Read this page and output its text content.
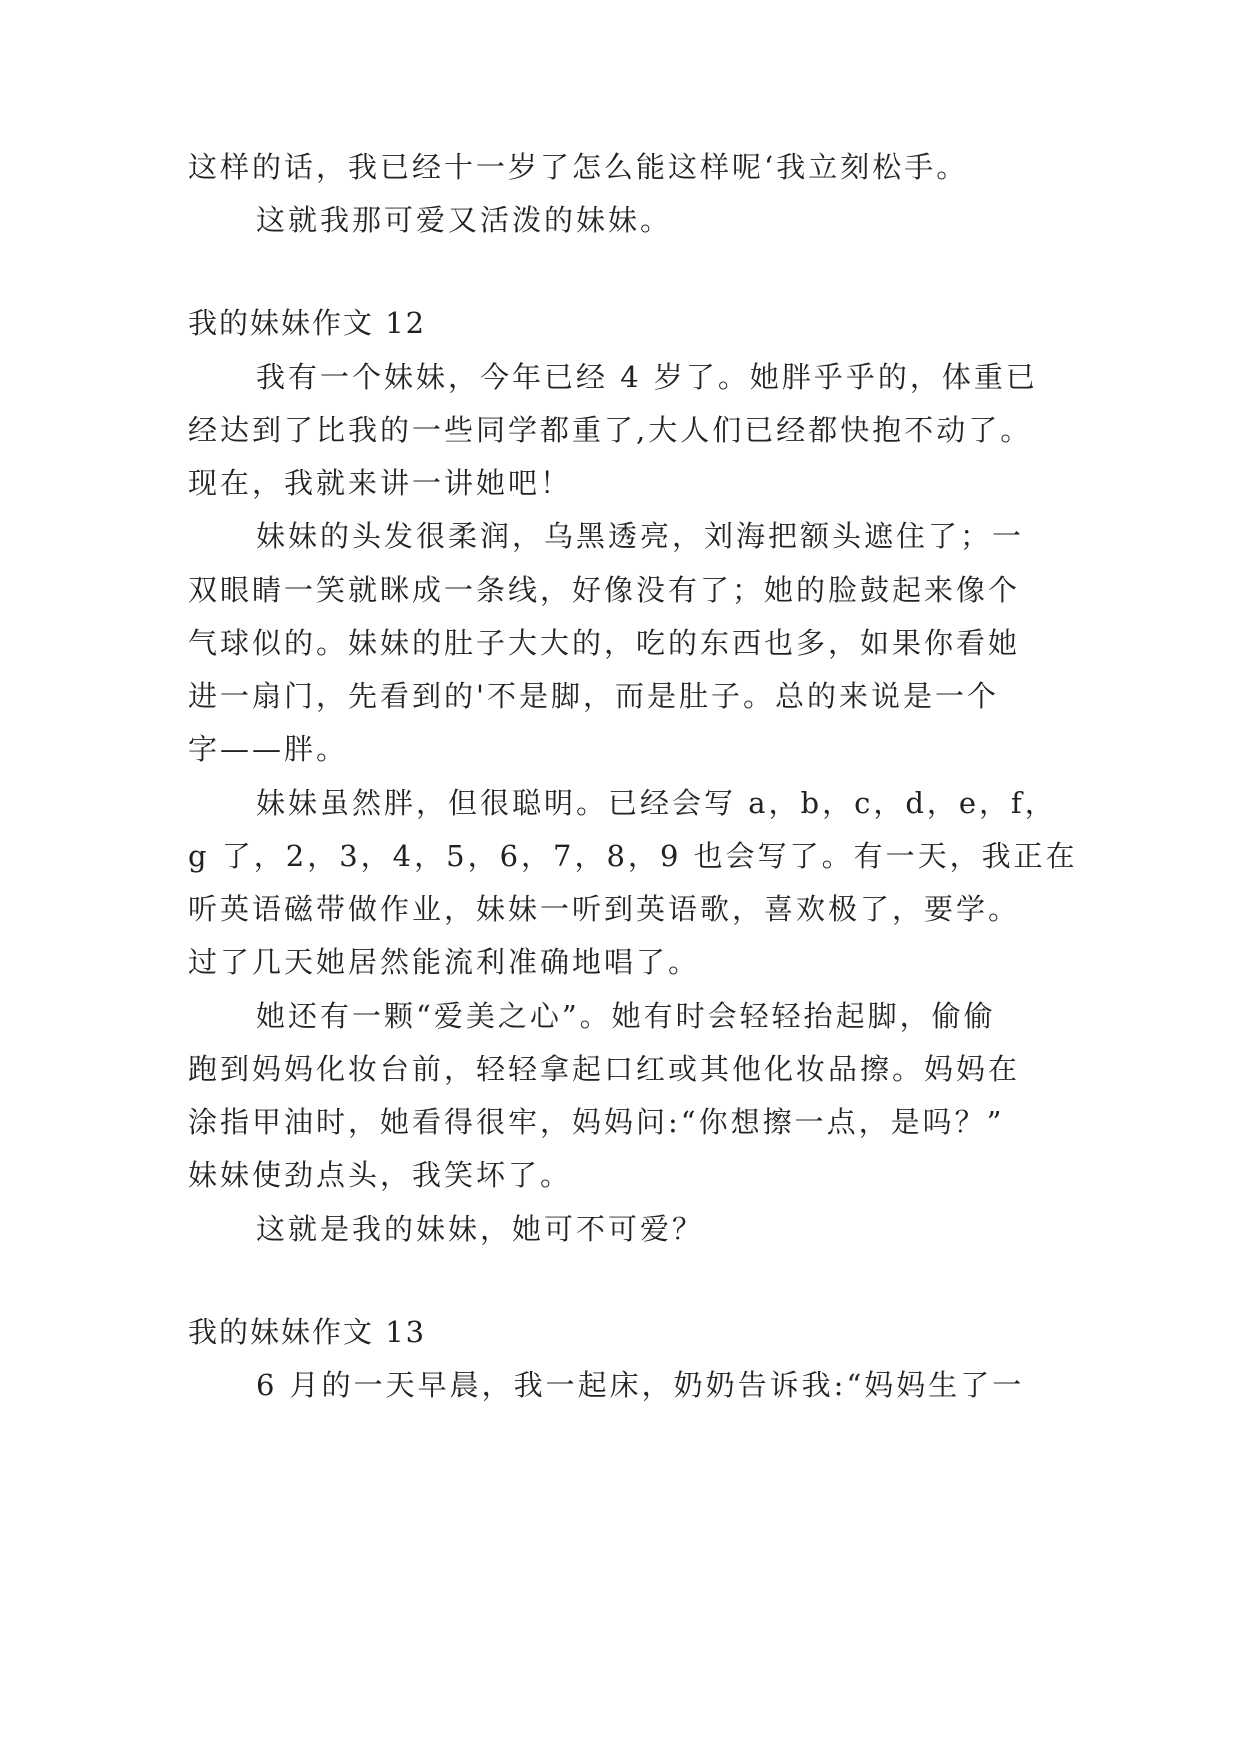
这样的话，我已经十一岁了怎么能这样呢‘我立刻松手。
这就我那可爱又活泼的妹妹。
我的妹妹作文 12
我有一个妹妹，今年已经 4 岁了。她胖乎乎的，体重已
经达到了比我的一些同学都重了,大人们已经都快抱不动了。
现在，我就来讲一讲她吧！
妹妹的头发很柔润，乌黑透亮，刘海把额头遮住了；一
双眼睛一笑就眯成一条线，好像没有了；她的脸鼓起来像个
气球似的。妹妹的肚子大大的，吃的东西也多，如果你看她
进一扇门，先看到的'不是脚，而是肚子。总的来说是一个
字——胖。
妹妹虽然胖，但很聪明。已经会写 a，b，c，d，e，f，
g 了，2，3，4，5，6，7，8，9 也会写了。有一天，我正在
听英语磁带做作业，妹妹一听到英语歌，喜欢极了，要学。
过了几天她居然能流利准确地唱了。
她还有一颗“爱美之心”。她有时会轻轻抬起脚，偷偷
跑到妈妈化妆台前，轻轻拿起口红或其他化妆品擦。妈妈在
涂指甲油时，她看得很牢，妈妈问:“你想擦一点，是吗？”
妹妹使劲点头，我笑坏了。
这就是我的妹妹，她可不可爱？
我的妹妹作文 13
6 月的一天早晨，我一起床，奶奶告诉我:“妈妈生了一
